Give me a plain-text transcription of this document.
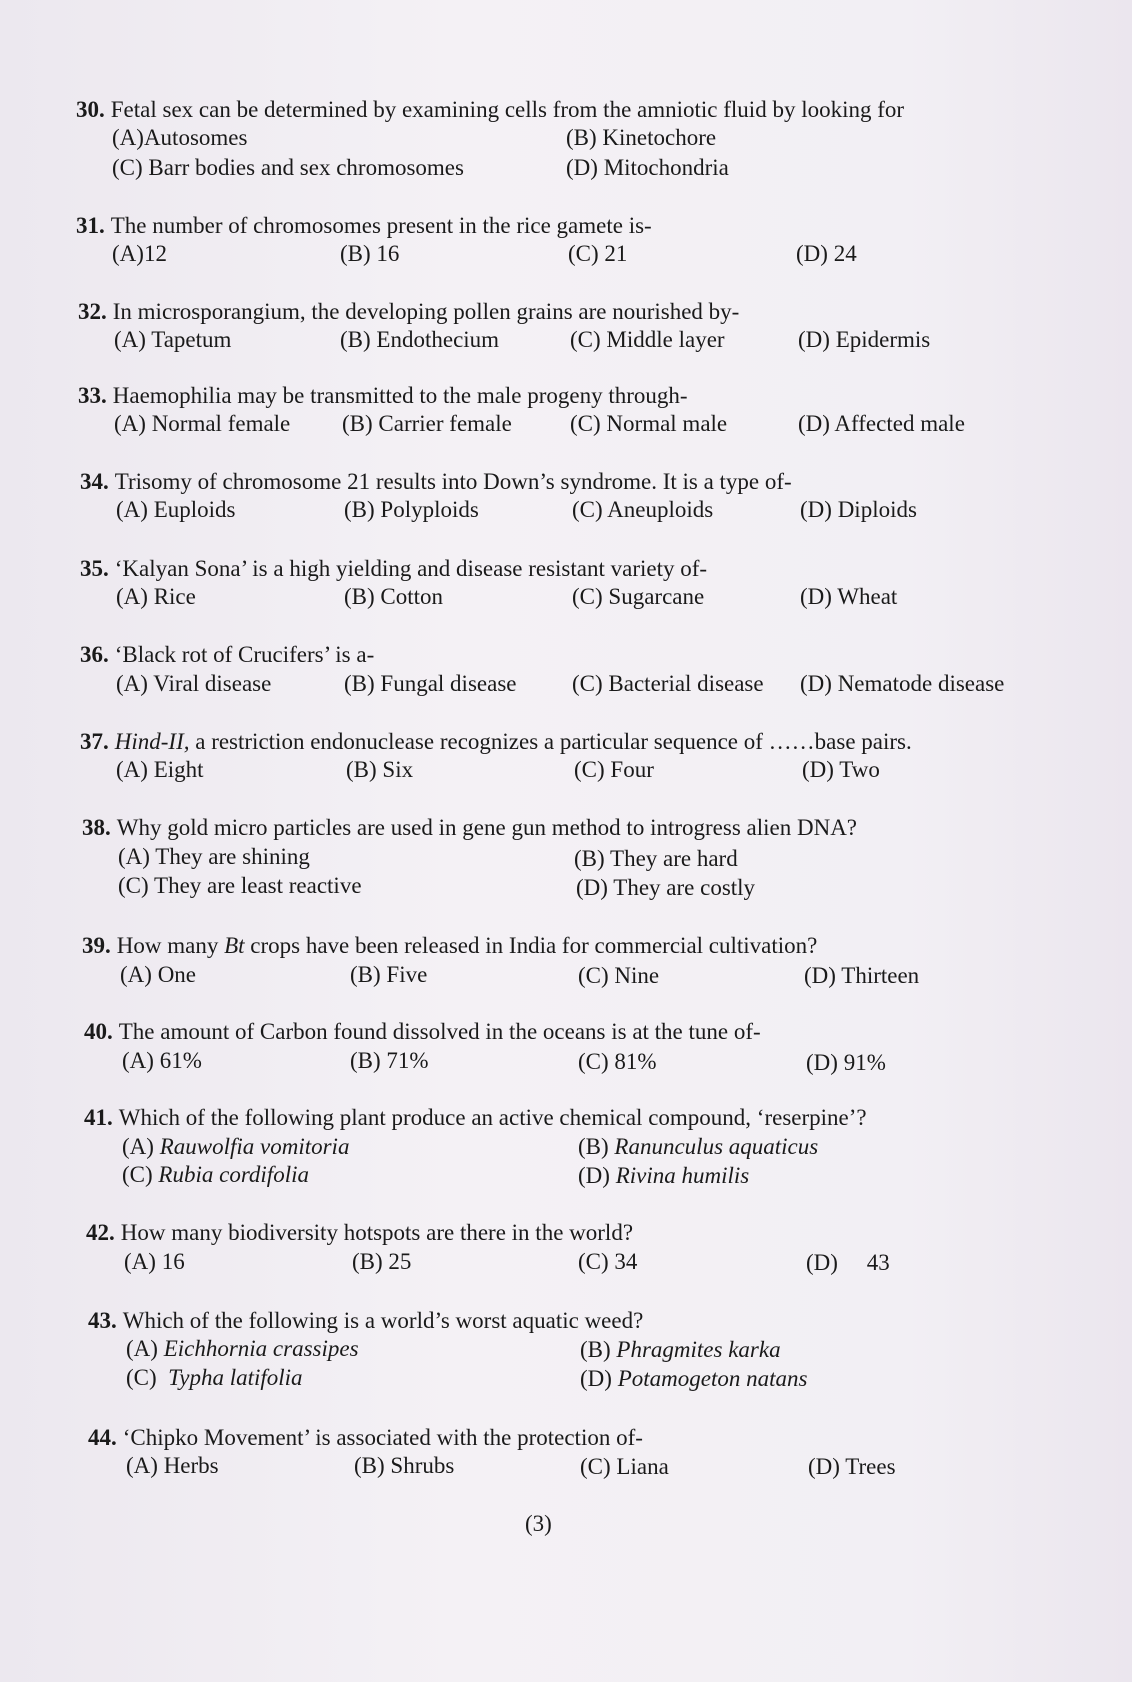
30. Fetal sex can be determined by examining cells from the amniotic fluid by looking for
(A)Autosomes	(B) Kinetochore
(C) Barr bodies and sex chromosomes	(D) Mitochondria
31. The number of chromosomes present in the rice gamete is-
(A)12	(B) 16	(C) 21	(D) 24
32. In microsporangium, the developing pollen grains are nourished by-
(A) Tapetum	(B) Endothecium	(C) Middle layer	(D) Epidermis
33. Haemophilia may be transmitted to the male progeny through-
(A) Normal female (B) Carrier female	(C) Normal male	(D) Affected male
34. Trisomy of chromosome 21 results into Down’s syndrome. It is a type of-
(A) Euploids	(B) Polyploids	(C) Aneuploids	(D) Diploids
35. ‘Kalyan Sona’ is a high yielding and disease resistant variety of-
(A) Rice	(B) Cotton	(C) Sugarcane	(D) Wheat
36. ‘Black rot of Crucifers’ is a-
(A) Viral disease	(B) Fungal disease (C) Bacterial disease (D) Nematode disease
37. Hind-II, a restriction endonuclease recognizes a particular sequence of ……base pairs.
(A) Eight	(B) Six	(C) Four	(D) Two
38. Why gold micro particles are used in gene gun method to introgress alien DNA?
(A) They are shining	(B) They are hard
(C) They are least reactive	(D) They are costly
39. How many Bt crops have been released in India for commercial cultivation?
(A) One	(B) Five	(C) Nine	(D) Thirteen
40. The amount of Carbon found dissolved in the oceans is at the tune of-
(A) 61%	(B) 71%	(C) 81%	(D) 91%
41. Which of the following plant produce an active chemical compound, ‘reserpine’?
(A) Rauwolfia vomitoria	(B) Ranunculus aquaticus
(C) Rubia cordifolia	(D) Rivina humilis
42. How many biodiversity hotspots are there in the world?
(A) 16	(B) 25	(C) 34	(D) 43
43. Which of the following is a world’s worst aquatic weed?
(A) Eichhornia crassipes	(B) Phragmites karka
(C) Typha latifolia	(D) Potamogeton natans
44. ‘Chipko Movement’ is associated with the protection of-
(A) Herbs	(B) Shrubs	(C) Liana	(D) Trees
(3)
